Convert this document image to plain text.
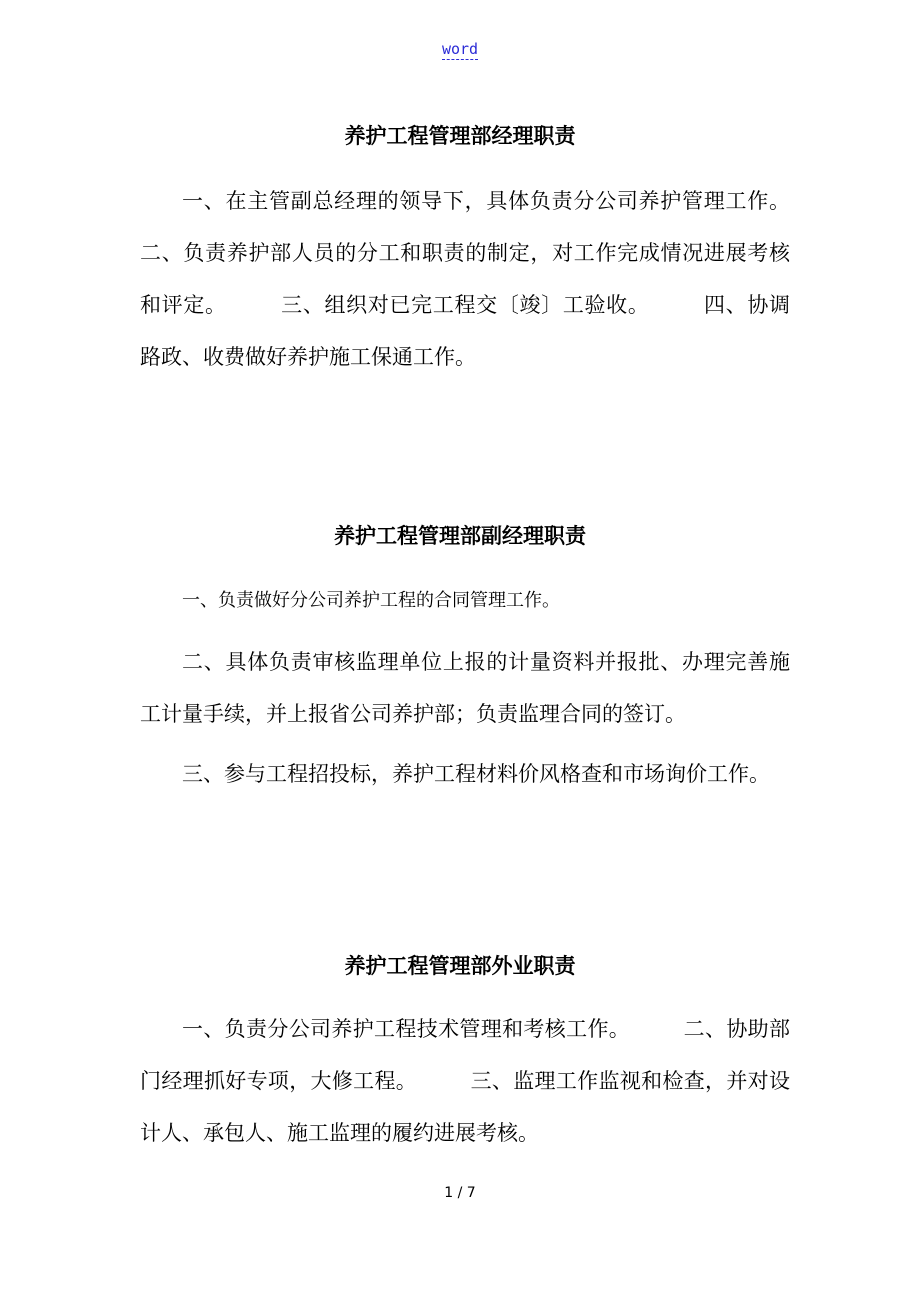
word
养护工程管理部经理职责

一、在主管副总经理的领导下，具体负责分公司养护管理工作。二、负责养护部人员的分工和职责的制定，对工作完成情况进展考核和评定。　　　三、组织对已完工程交〔竣〕工验收。　　　四、协调路政、收费做好养护施工保通工作。

养护工程管理部副经理职责

一、负责做好分公司养护工程的合同管理工作。

二、具体负责审核监理单位上报的计量资料并报批、办理完善施工计量手续，并上报省公司养护部；负责监理合同的签订。

三、参与工程招投标，养护工程材料价风格查和市场询价工作。

养护工程管理部外业职责

一、负责分公司养护工程技术管理和考核工作。　　　二、协助部门经理抓好专项，大修工程。　　　三、监理工作监视和检查，并对设计人、承包人、施工监理的履约进展考核。

1 / 7
